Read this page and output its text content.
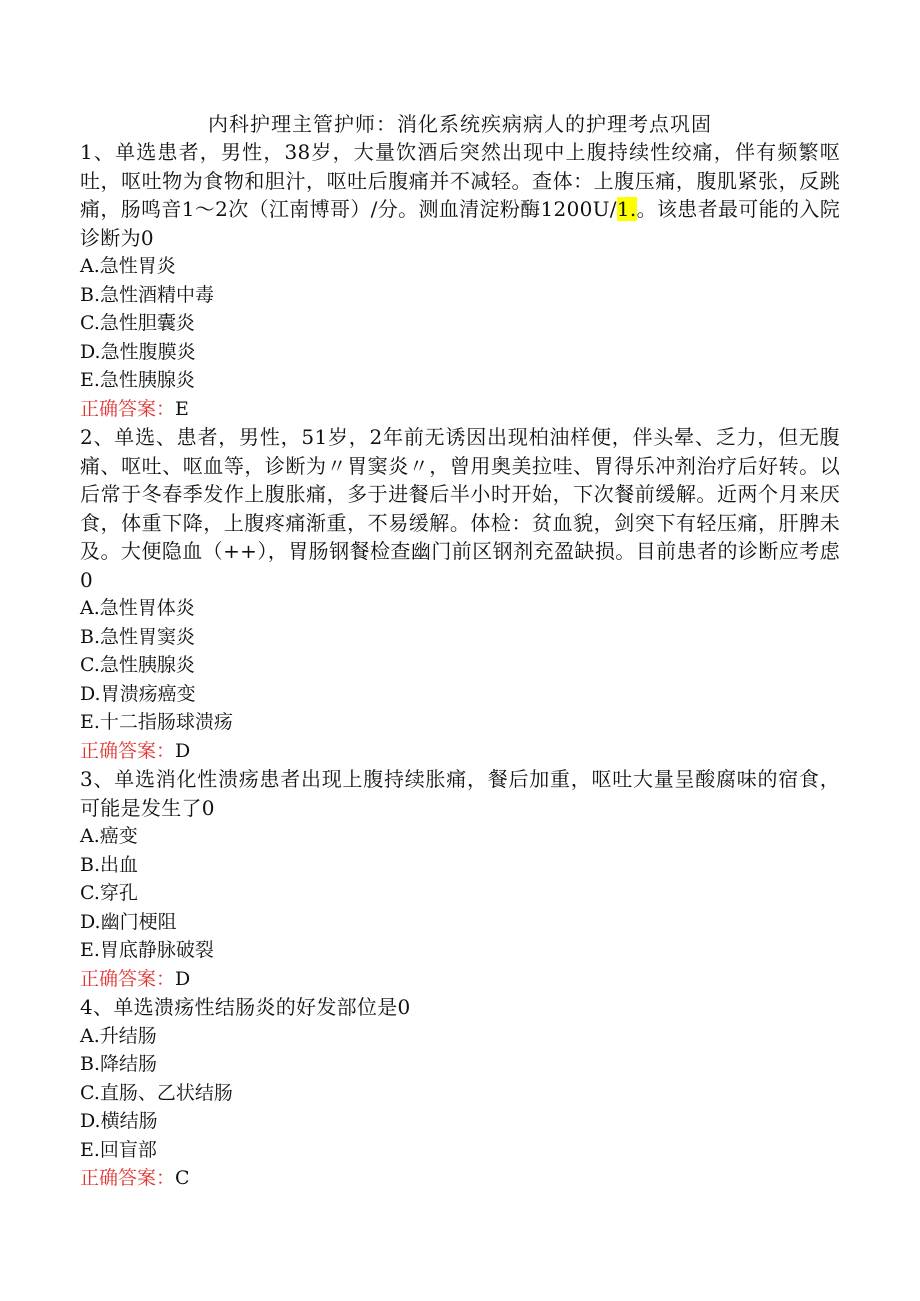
内科护理主管护师：消化系统疾病病人的护理考点巩固

1、单选患者，男性，38岁，大量饮酒后突然出现中上腹持续性绞痛，伴有频繁呕吐，呕吐物为食物和胆汁，呕吐后腹痛并不减轻。查体：上腹压痛，腹肌紧张，反跳痛，肠鸣音1～2次（江南博哥）/分。测血清淀粉酶1200U/1.。该患者最可能的入院诊断为0

A.急性胃炎

B.急性酒精中毒

C.急性胆囊炎

D.急性腹膜炎

E.急性胰腺炎

正确答案：E

2、单选、患者，男性，51岁，2年前无诱因出现柏油样便，伴头晕、乏力，但无腹痛、呕吐、呕血等，诊断为〃胃窦炎〃，曾用奥美拉哇、胃得乐冲剂治疗后好转。以后常于冬春季发作上腹胀痛，多于进餐后半小时开始，下次餐前缓解。近两个月来厌食，体重下降，上腹疼痛渐重，不易缓解。体检：贫血貌，剑突下有轻压痛，肝脾未及。大便隐血（++），胃肠钢餐检查幽门前区钢剂充盈缺损。目前患者的诊断应考虑0

A.急性胃体炎

B.急性胃窦炎

C.急性胰腺炎

D.胃溃疡癌变

E.十二指肠球溃疡

正确答案：D

3、单选消化性溃疡患者出现上腹持续胀痛，餐后加重，呕吐大量呈酸腐味的宿食，可能是发生了0

A.癌变

B.出血

C.穿孔

D.幽门梗阻

E.胃底静脉破裂

正确答案：D

4、单选溃疡性结肠炎的好发部位是0

A.升结肠

B.降结肠

C.直肠、乙状结肠

D.横结肠

E.回盲部

正确答案：C
